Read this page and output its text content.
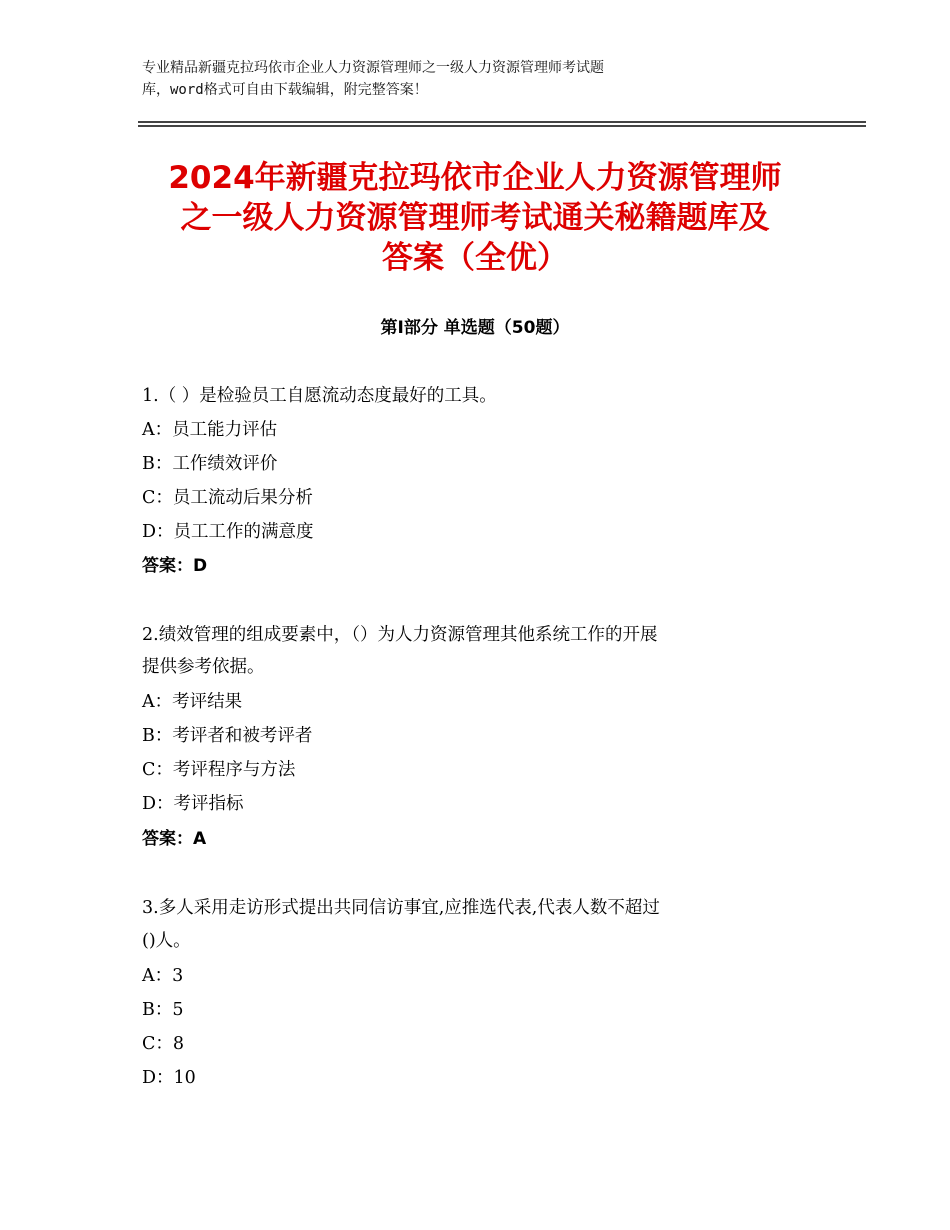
专业精品新疆克拉玛依市企业人力资源管理师之一级人力资源管理师考试题
库，word格式可自由下载编辑，附完整答案！
2024年新疆克拉玛依市企业人力资源管理师
之一级人力资源管理师考试通关秘籍题库及
答案（全优）
第Ⅰ部分 单选题（50题）
1.（ ）是检验员工自愿流动态度最好的工具。
A：员工能力评估
B：工作绩效评价
C：员工流动后果分析
D：员工工作的满意度
答案：D
2.绩效管理的组成要素中，（）为人力资源管理其他系统工作的开展
提供参考依据。
A：考评结果
B：考评者和被考评者
C：考评程序与方法
D：考评指标
答案：A
3.多人采用走访形式提出共同信访事宜,应推选代表,代表人数不超过
()人。
A：3
B：5
C：8
D：10
